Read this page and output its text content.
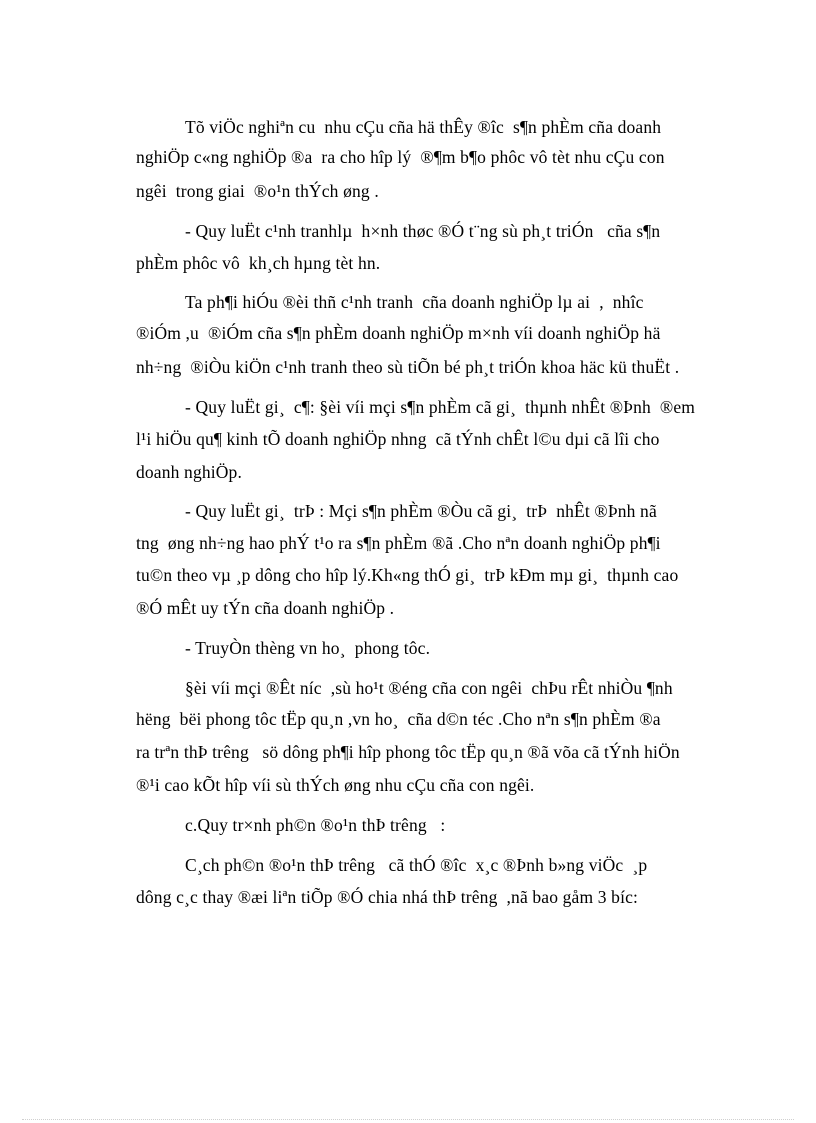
Tõ viÖc nghiªn cu  nhu cÇu cña hä thÊy ®îc  s¶n phÈm cña doanh
nghiÖp c«ng nghiÖp ®a  ra cho hîp lý  ®¶m b¶o phôc vô tèt nhu cÇu con
ngêi  trong giai  ®o¹n thÝch øng .
- Quy luËt c¹nh tranhlµ  h×nh thøc ®Ó t¨ng sù ph¸t triÓn   cña s¶n
phÈm phôc vô  kh¸ch hµng tèt hn.
Ta ph¶i hiÓu ®èi thñ c¹nh tranh  cña doanh nghiÖp lµ ai  ,  nhîc
®iÓm ,u  ®iÓm cña s¶n phÈm doanh nghiÖp m×nh víi doanh nghiÖp hä
nh÷ng  ®iÒu kiÖn c¹nh tranh theo sù tiÕn bé ph¸t triÓn khoa häc kü thuËt .
- Quy luËt gi¸  c¶: §èi víi mçi s¶n phÈm cã gi¸  thµnh nhÊt ®Þnh  ®em
l¹i hiÖu qu¶ kinh tÕ doanh nghiÖp nhng  cã tÝnh chÊt l©u dµi cã lîi cho
doanh nghiÖp.
- Quy luËt gi¸  trÞ : Mçi s¶n phÈm ®Òu cã gi¸  trÞ  nhÊt ®Þnh nã
tng  øng nh÷ng hao phÝ t¹o ra s¶n phÈm ®ã .Cho nªn doanh nghiÖp ph¶i
tu©n theo vµ ¸p dông cho hîp lý.Kh«ng thÓ gi¸  trÞ kÐm mµ gi¸  thµnh cao
®Ó mÊt uy tÝn cña doanh nghiÖp .
- TruyÒn thèng vn ho¸  phong tôc.
§èi víi mçi ®Êt níc  ,sù ho¹t ®éng cña con ngêi  chÞu rÊt nhiÒu ¶nh
hëng  bëi phong tôc tËp qu¸n ,vn ho¸  cña d©n téc .Cho nªn s¶n phÈm ®a
ra trªn thÞ trêng   sö dông ph¶i hîp phong tôc tËp qu¸n ®ã võa cã tÝnh hiÖn
®¹i cao kÕt hîp víi sù thÝch øng nhu cÇu cña con ngêi.
c.Quy tr×nh ph©n ®o¹n thÞ trêng   :
C¸ch ph©n ®o¹n thÞ trêng   cã thÓ ®îc  x¸c ®Þnh b»ng viÖc  ¸p
dông c¸c thay ®æi liªn tiÕp ®Ó chia nhá thÞ trêng  ,nã bao gåm 3 bíc:
